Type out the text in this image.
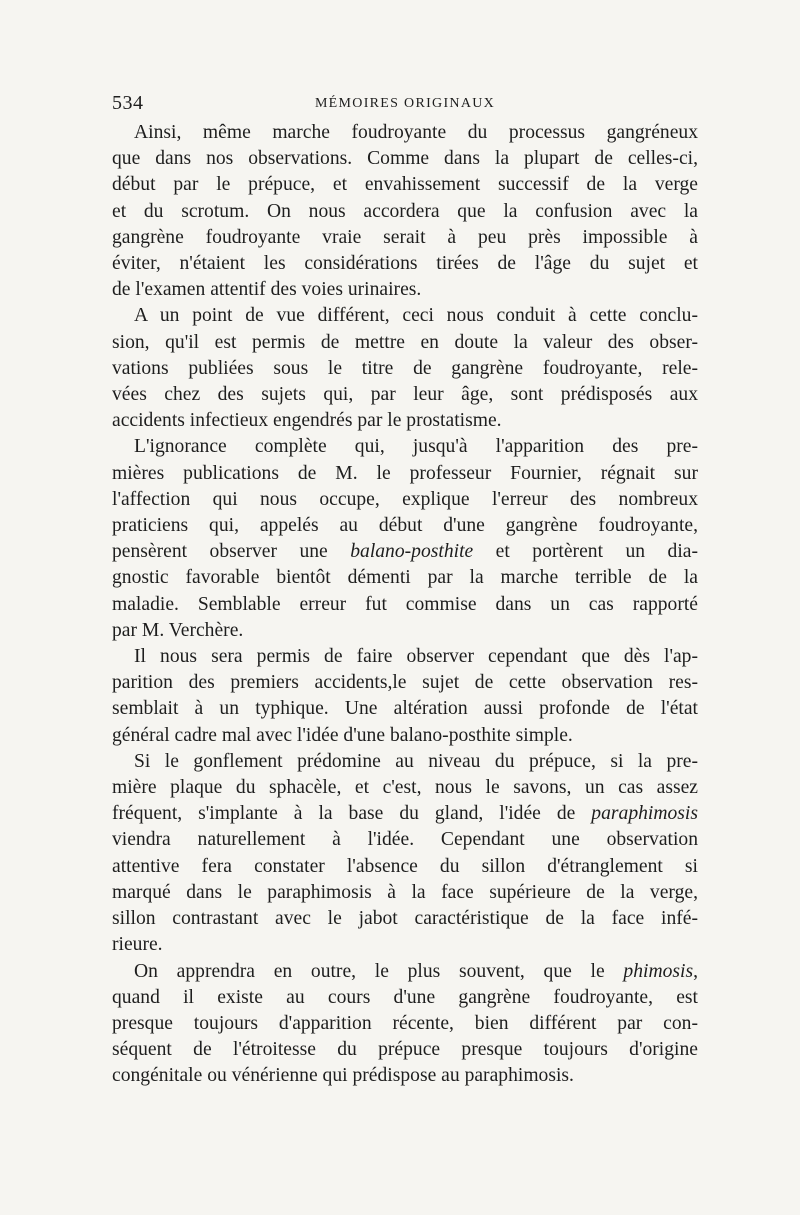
534	MÉMOIRES ORIGINAUX

Ainsi, même marche foudroyante du processus gangréneux
que dans nos observations. Comme dans la plupart de celles-ci,
début par le prépuce, et envahissement successif de la verge
et du scrotum. On nous accordera que la confusion avec la
gangrène foudroyante vraie serait à peu près impossible à
éviter, n'étaient les considérations tirées de l'âge du sujet et
de l'examen attentif des voies urinaires.

A un point de vue différent, ceci nous conduit à cette conclu-
sion, qu'il est permis de mettre en doute la valeur des obser-
vations publiées sous le titre de gangrène foudroyante, rele-
vées chez des sujets qui, par leur âge, sont prédisposés aux
accidents infectieux engendrés par le prostatisme.

L'ignorance complète qui, jusqu'à l'apparition des pre-
mières publications de M. le professeur Fournier, régnait sur
l'affection qui nous occupe, explique l'erreur des nombreux
praticiens qui, appelés au début d'une gangrène foudroyante,
pensèrent observer une balano-posthite et portèrent un dia-
gnostic favorable bientôt démenti par la marche terrible de la
maladie. Semblable erreur fut commise dans un cas rapporté
par M. Verchère.

Il nous sera permis de faire observer cependant que dès l'ap-
parition des premiers accidents,le sujet de cette observation res-
semblait à un typhique. Une altération aussi profonde de l'état
général cadre mal avec l'idée d'une balano-posthite simple.

Si le gonflement prédomine au niveau du prépuce, si la pre-
mière plaque du sphacèle, et c'est, nous le savons, un cas assez
fréquent, s'implante à la base du gland, l'idée de paraphimosis
viendra naturellement à l'idée. Cependant une observation
attentive fera constater l'absence du sillon d'étranglement si
marqué dans le paraphimosis à la face supérieure de la verge,
sillon contrastant avec le jabot caractéristique de la face infé-
rieure.

On apprendra en outre, le plus souvent, que le phimosis,
quand il existe au cours d'une gangrène foudroyante, est
presque toujours d'apparition récente, bien différent par con-
séquent de l'étroitesse du prépuce presque toujours d'origine
congénitale ou vénérienne qui prédispose au paraphimosis.
